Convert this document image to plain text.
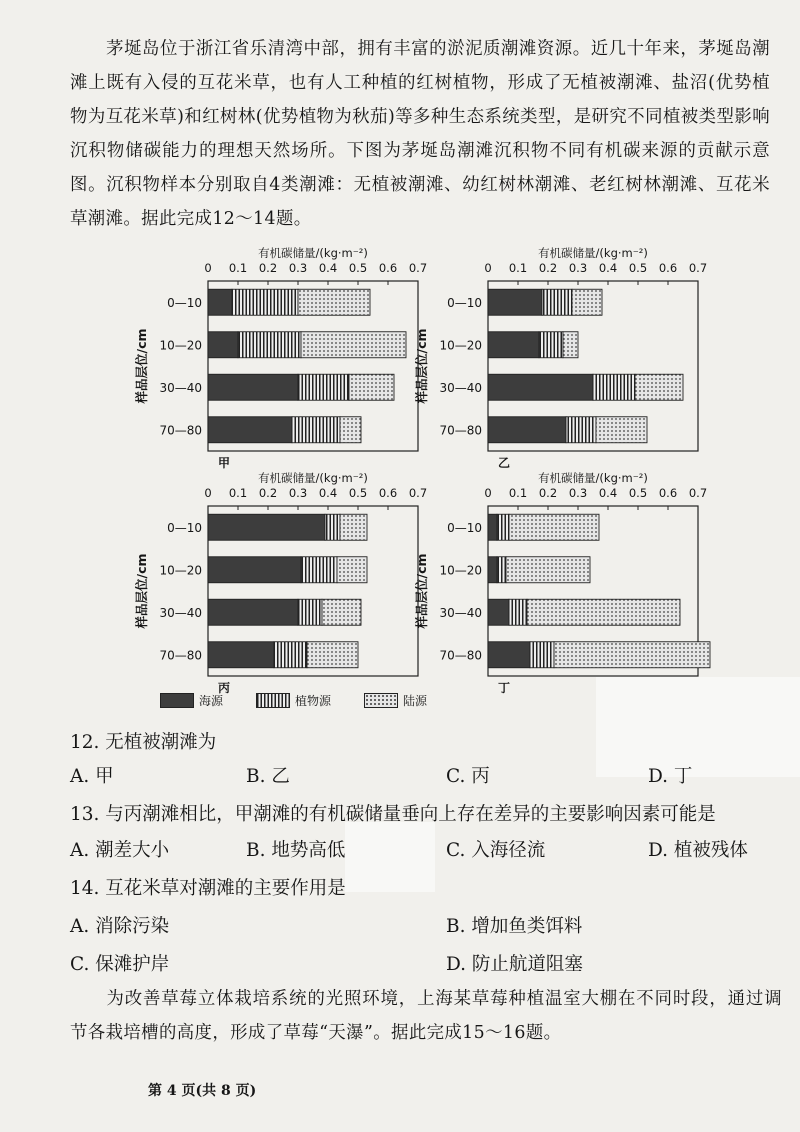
茅埏岛位于浙江省乐清湾中部，拥有丰富的淤泥质潮滩资源。近几十年来，茅埏岛潮滩上既有入侵的互花米草，也有人工种植的红树植物，形成了无植被潮滩、盐沼(优势植物为互花米草)和红树林(优势植物为秋茄)等多种生态系统类型，是研究不同植被类型影响沉积物储碳能力的理想天然场所。下图为茅埏岛潮滩沉积物不同有机碳来源的贡献示意图。沉积物样本分别取自4类潮滩：无植被潮滩、幼红树林潮滩、老红树林潮滩、互花米草潮滩。据此完成12～14题。
有机碳储量/(kg·m⁻²)
0 0.1 0.2 0.3 0.4 0.5 0.6 0.7
样品层位/cm
0—10
10—20
30—40
70—80
甲
有机碳储量/(kg·m⁻²)
0 0.1 0.2 0.3 0.4 0.5 0.6 0.7
样品层位/cm
0—10
10—20
30—40
70—80
乙
有机碳储量/(kg·m⁻²)
0 0.1 0.2 0.3 0.4 0.5 0.6 0.7
样品层位/cm
0—10
10—20
30—40
70—80
丙
有机碳储量/(kg·m⁻²)
0 0.1 0.2 0.3 0.4 0.5 0.6 0.7
样品层位/cm
0—10
10—20
30—40
70—80
丁
海源	植物源	陆源
12. 无植被潮滩为
A. 甲	B. 乙	C. 丙	D. 丁
13. 与丙潮滩相比，甲潮滩的有机碳储量垂向上存在差异的主要影响因素可能是
A. 潮差大小	B. 地势高低	C. 入海径流	D. 植被残体
14. 互花米草对潮滩的主要作用是
A. 消除污染	B. 增加鱼类饵料
C. 保滩护岸	D. 防止航道阻塞
为改善草莓立体栽培系统的光照环境，上海某草莓种植温室大棚在不同时段，通过调节各栽培槽的高度，形成了草莓“天瀑”。据此完成15～16题。
第 4 页(共 8 页)
